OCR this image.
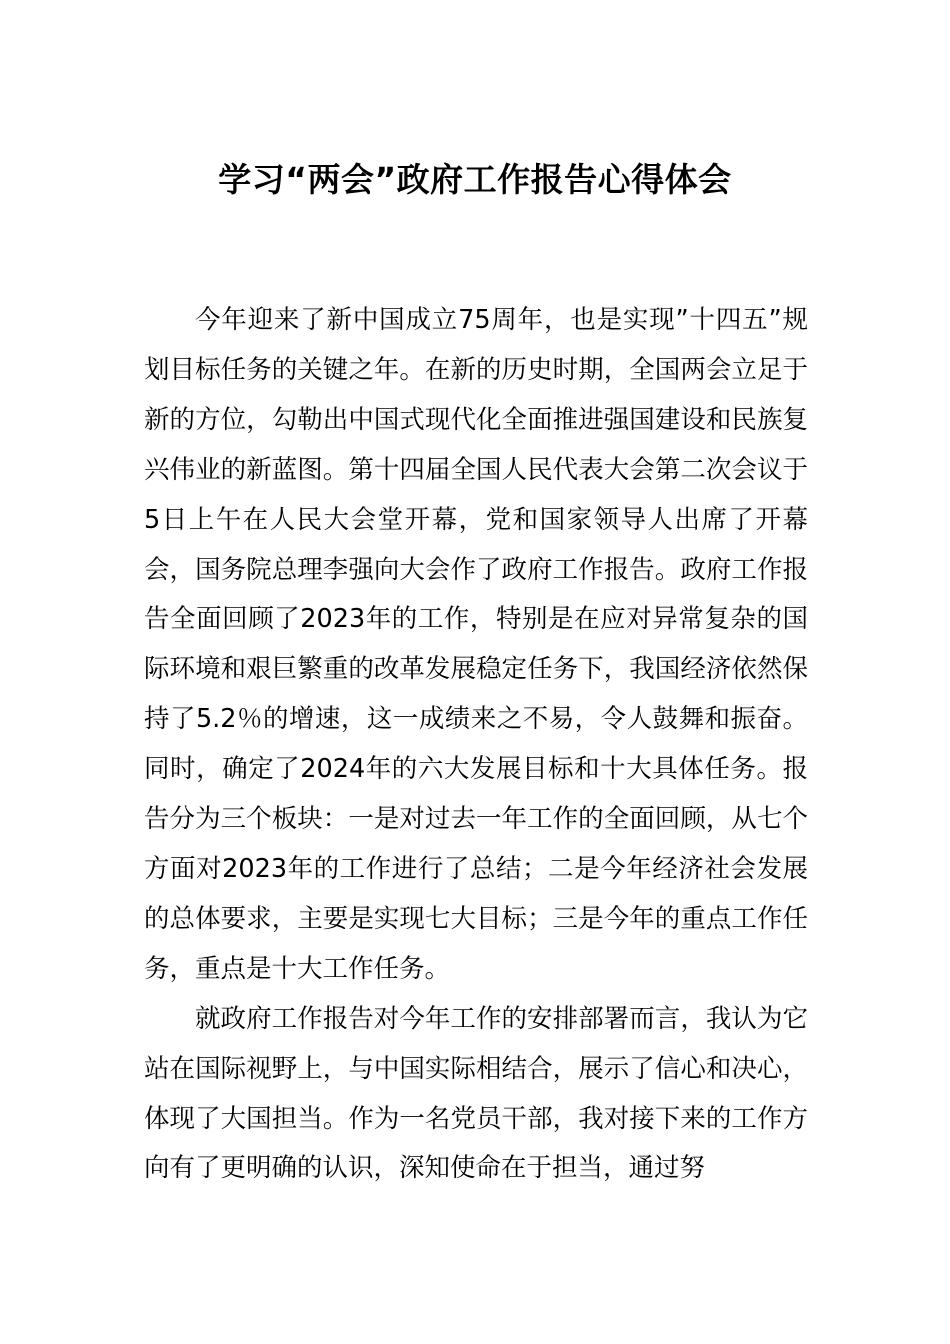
学习“两会”政府工作报告心得体会

今年迎来了新中国成立75周年，也是实现”十四五”规划目标任务的关键之年。在新的历史时期，全国两会立足于新的方位，勾勒出中国式现代化全面推进强国建设和民族复兴伟业的新蓝图。第十四届全国人民代表大会第二次会议于5日上午在人民大会堂开幕，党和国家领导人出席了开幕会，国务院总理李强向大会作了政府工作报告。政府工作报告全面回顾了2023年的工作，特别是在应对异常复杂的国际环境和艰巨繁重的改革发展稳定任务下，我国经济依然保持了5.2％的增速，这一成绩来之不易，令人鼓舞和振奋。同时，确定了2024年的六大发展目标和十大具体任务。报告分为三个板块：一是对过去一年工作的全面回顾，从七个方面对2023年的工作进行了总结；二是今年经济社会发展的总体要求，主要是实现七大目标；三是今年的重点工作任务，重点是十大工作任务。

就政府工作报告对今年工作的安排部署而言，我认为它站在国际视野上，与中国实际相结合，展示了信心和决心，体现了大国担当。作为一名党员干部，我对接下来的工作方向有了更明确的认识，深知使命在于担当，通过努
